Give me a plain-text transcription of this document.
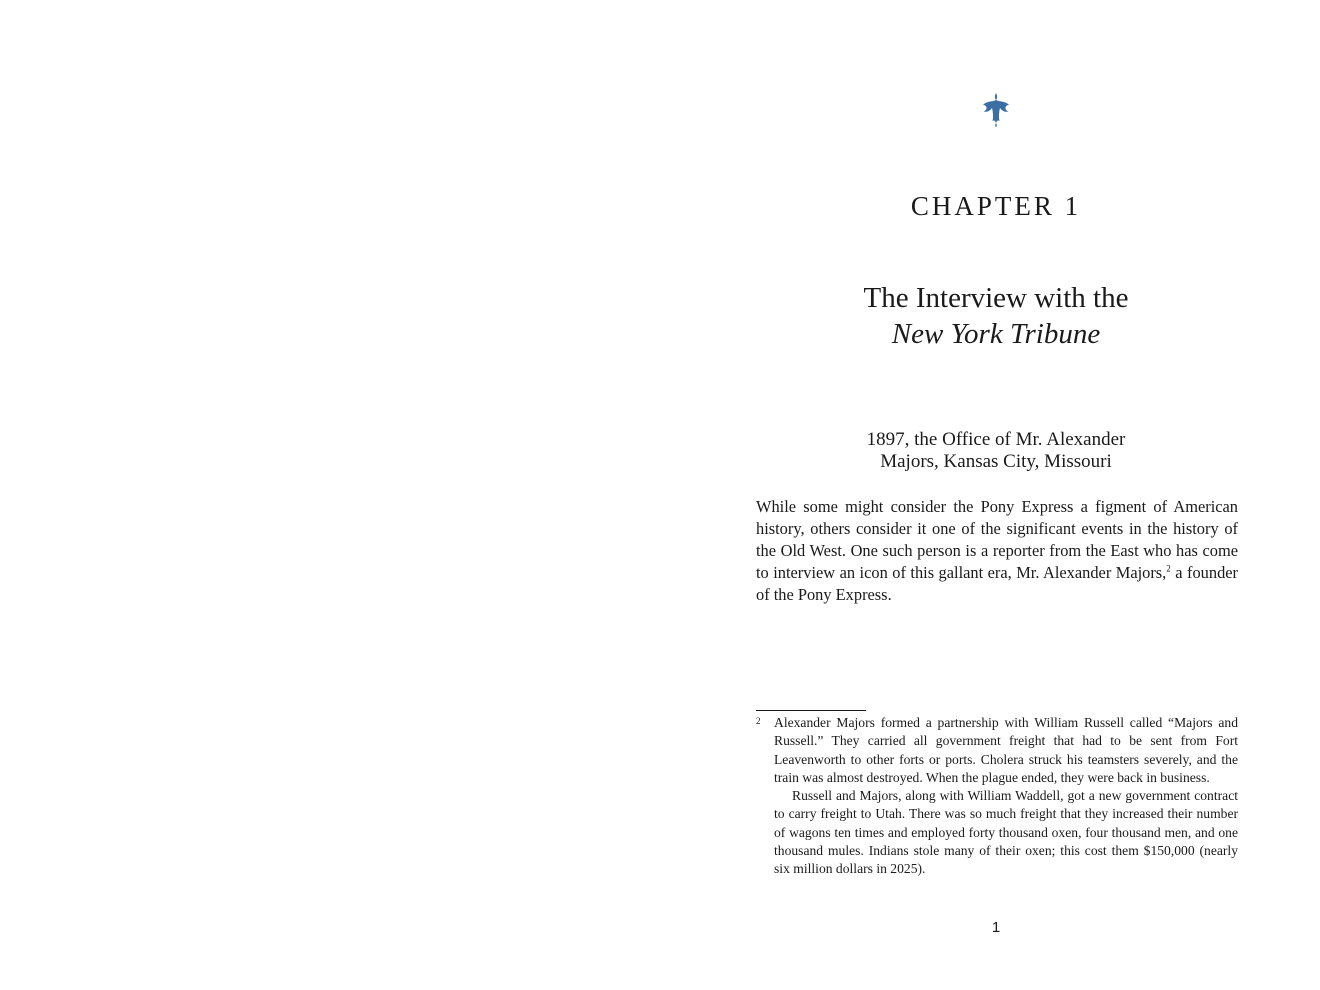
CHAPTER 1
The Interview with the
New York Tribune
1897, the Office of Mr. Alexander
Majors, Kansas City, Missouri

While some might consider the Pony Express a figment of American history, others consider it one of the significant events in the history of the Old West. One such person is a reporter from the East who has come to interview an icon of this gallant era, Mr. Alexander Majors,$^2$ a founder of the Pony Express.

2 Alexander Majors formed a partnership with William Russell called “Majors and Russell.” They carried all government freight that had to be sent from Fort Leavenworth to other forts or ports. Cholera struck his teamsters severely, and the train was almost destroyed. When the plague ended, they were back in business.

Russell and Majors, along with William Waddell, got a new government contract to carry freight to Utah. There was so much freight that they increased their number of wagons ten times and employed forty thousand oxen, four thousand men, and one thousand mules. Indians stole many of their oxen; this cost them $150,000 (nearly six million dollars in 2025).

1
